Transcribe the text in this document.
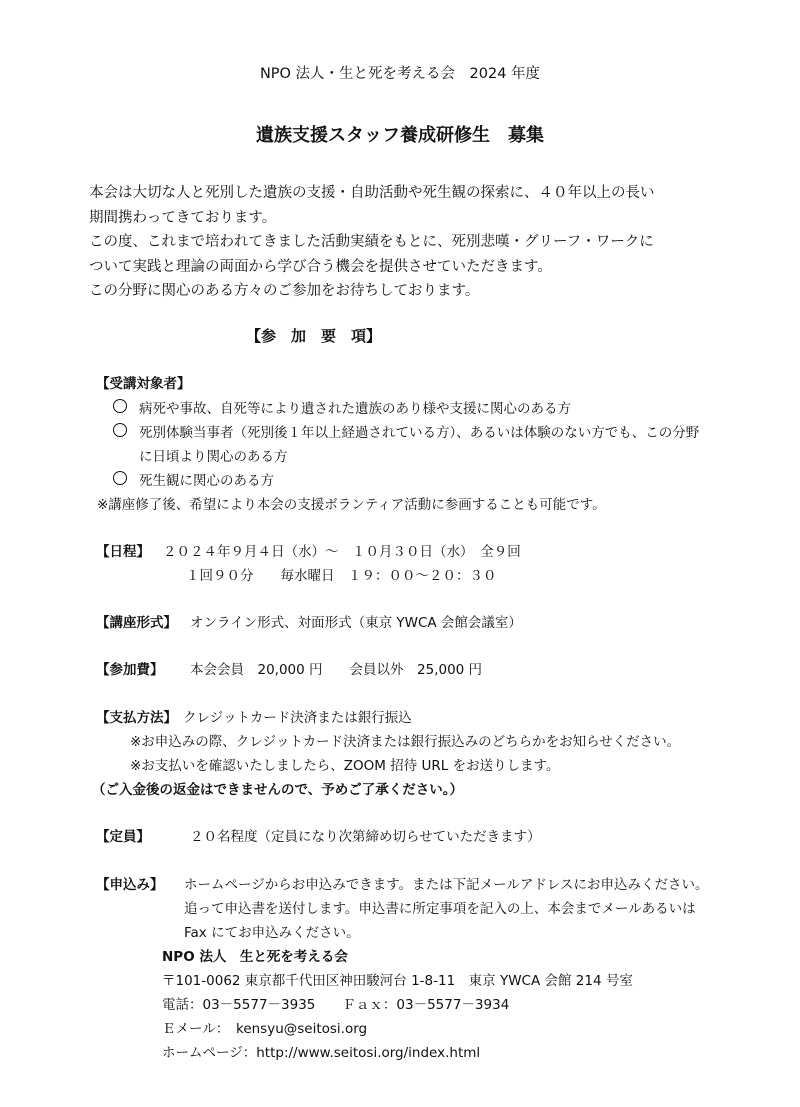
NPO 法人・生と死を考える会　2024 年度
遺族支援スタッフ養成研修生　募集
本会は大切な人と死別した遺族の支援・自助活動や死生観の探索に、４０年以上の長い
期間携わってきております。
この度、これまで培われてきました活動実績をもとに、死別悲嘆・グリーフ・ワークに
ついて実践と理論の両面から学び合う機会を提供させていただきます。
この分野に関心のある方々のご参加をお待ちしております。
【参　加　要　項】
【受講対象者】
病死や事故、自死等により遺された遺族のあり様や支援に関心のある方
死別体験当事者（死別後１年以上経過されている方）、あるいは体験のない方でも、この分野
に日頃より関心のある方
死生観に関心のある方
※講座修了後、希望により本会の支援ボランティア活動に参画することも可能です。
【日程】 ２０２４年９月４日（水）～　１０月３０日（水）　全９回
１回９０分　　毎水曜日　１９：００～２０：３０
【講座形式】 オンライン形式、対面形式（東京 YWCA 会館会議室）
【参加費】 本会会員　20,000 円　　会員以外　25,000 円
【支払方法】 クレジットカード決済または銀行振込
※お申込みの際、クレジットカード決済または銀行振込みのどちらかをお知らせください。
※お支払いを確認いたしましたら、ZOOM 招待 URL をお送りします。
（ご入金後の返金はできませんので、予めご了承ください。）
【定員】	２０名程度（定員になり次第締め切らせていただきます）
【申込み】 ホームページからお申込みできます。または下記メールアドレスにお申込みください。
追って申込書を送付します。申込書に所定事項を記入の上、本会までメールあるいは
Fax にてお申込みください。
NPO 法人　生と死を考える会
〒101-0062 東京都千代田区神田駿河台 1-8-11　東京 YWCA 会館 214 号室
電話：03－5577－3935　　Ｆａｘ：03－5577－3934
Ｅメール：　kensyu@seitosi.org
ホームページ：http://www.seitosi.org/index.html
